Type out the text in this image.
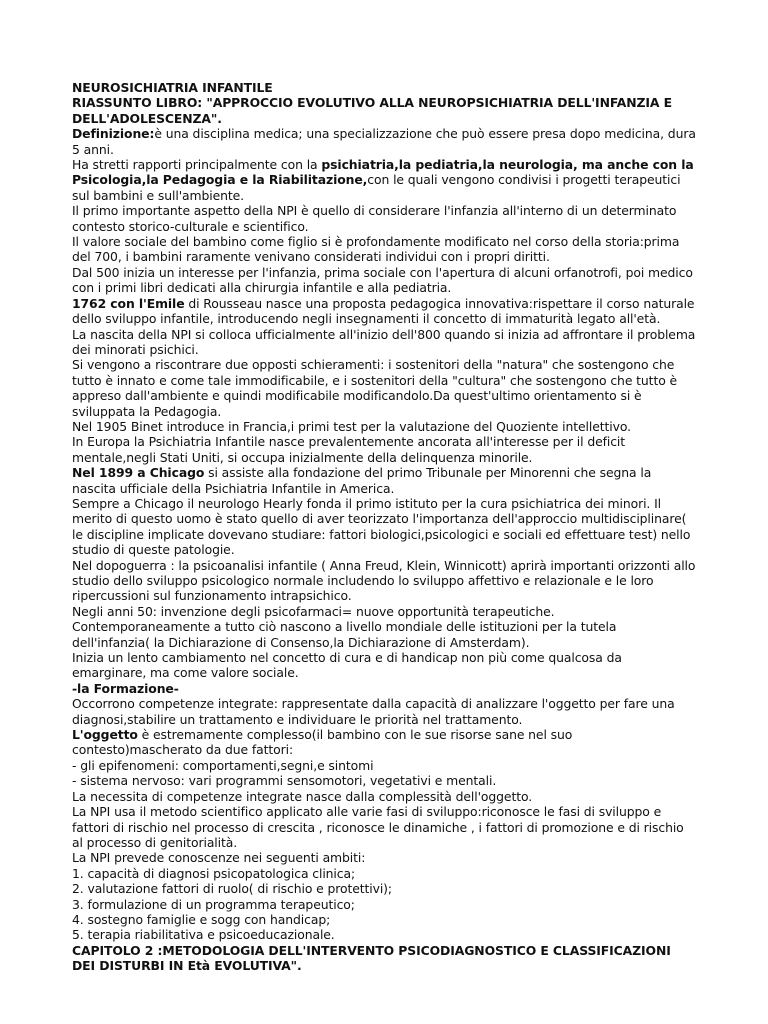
NEUROSICHIATRIA INFANTILE

RIASSUNTO LIBRO: "APPROCCIO EVOLUTIVO ALLA NEUROPSICHIATRIA DELL'INFANZIA E DELL'ADOLESCENZA".

Definizione:è una disciplina medica; una specializzazione che può essere presa dopo medicina, dura 5 anni.

Ha stretti rapporti principalmente con la psichiatria,la pediatria,la neurologia, ma anche con la Psicologia,la Pedagogia e la Riabilitazione,con le quali vengono condivisi i progetti terapeutici sul bambini e sull'ambiente.

Il primo importante aspetto della NPI è quello di considerare l'infanzia all'interno di un determinato contesto storico-culturale e scientifico.

Il valore sociale del bambino come figlio si è profondamente modificato nel corso della storia:prima del 700, i bambini raramente venivano considerati individui con i propri diritti.

Dal 500 inizia un interesse per l'infanzia, prima sociale con l'apertura di alcuni orfanotrofi, poi medico con i primi libri dedicati alla chirurgia infantile e alla pediatria.

1762 con l'Emile di Rousseau nasce una proposta pedagogica innovativa:rispettare il corso naturale dello sviluppo infantile, introducendo negli insegnamenti il concetto di immaturità legato all'età.

La nascita della NPI si colloca ufficialmente all'inizio dell'800 quando si inizia ad affrontare il problema dei minorati psichici.

Si vengono a riscontrare due opposti schieramenti: i sostenitori della "natura" che sostengono che tutto è innato e come tale immodificabile, e i sostenitori della "cultura" che sostengono che tutto è appreso dall'ambiente e quindi modificabile modificandolo.Da quest'ultimo orientamento si è sviluppata la Pedagogia.

Nel 1905 Binet introduce in Francia,i primi test per la valutazione del Quoziente intellettivo.

In Europa la Psichiatria Infantile nasce prevalentemente ancorata all'interesse per il deficit mentale,negli Stati Uniti, si occupa inizialmente della delinquenza minorile.

Nel 1899 a Chicago si assiste alla fondazione del primo Tribunale per Minorenni che segna la nascita ufficiale della Psichiatria Infantile in America.

Sempre a Chicago il neurologo Hearly fonda il primo istituto per la cura psichiatrica dei minori. Il merito di questo uomo è stato quello di aver teorizzato l'importanza dell'approccio multidisciplinare( le discipline implicate dovevano studiare: fattori biologici,psicologici e sociali ed effettuare test) nello studio di queste patologie.

Nel dopoguerra : la psicoanalisi infantile ( Anna Freud, Klein, Winnicott) aprirà importanti orizzonti allo studio dello sviluppo psicologico normale includendo lo sviluppo affettivo e relazionale e le loro ripercussioni sul funzionamento intrapsichico.

Negli anni 50: invenzione degli psicofarmaci= nuove opportunità terapeutiche.

Contemporaneamente a tutto ciò nascono a livello mondiale delle istituzioni per la tutela dell'infanzia( la Dichiarazione di Consenso,la Dichiarazione di Amsterdam).

Inizia un lento cambiamento nel concetto di cura e di handicap non più come qualcosa da emarginare, ma come valore sociale.

-la Formazione-

Occorrono competenze integrate: rappresentate dalla capacità di analizzare l'oggetto per fare una diagnosi,stabilire un trattamento e individuare le priorità nel trattamento.

L'oggetto è estremamente complesso(il bambino con le sue risorse sane nel suo contesto)mascherato da due fattori:

- gli epifenomeni: comportamenti,segni,e sintomi

- sistema nervoso: vari programmi sensomotori, vegetativi e mentali.

La necessita di competenze integrate nasce dalla complessità dell'oggetto.

La NPI usa il metodo scientifico applicato alle varie fasi di sviluppo:riconosce le fasi di sviluppo e fattori di rischio nel processo di crescita , riconosce le dinamiche , i fattori di promozione e di rischio al processo di genitorialità.

La NPI prevede conoscenze nei seguenti ambiti:

1. capacità di diagnosi psicopatologica clinica;

2. valutazione fattori di ruolo( di rischio e protettivi);

3. formulazione di un programma terapeutico;

4. sostegno famiglie e sogg con handicap;

5. terapia riabilitativa e psicoeducazionale.

CAPITOLO 2 :METODOLOGIA DELL'INTERVENTO PSICODIAGNOSTICO E CLASSIFICAZIONI DEI DISTURBI IN Età EVOLUTIVA".
